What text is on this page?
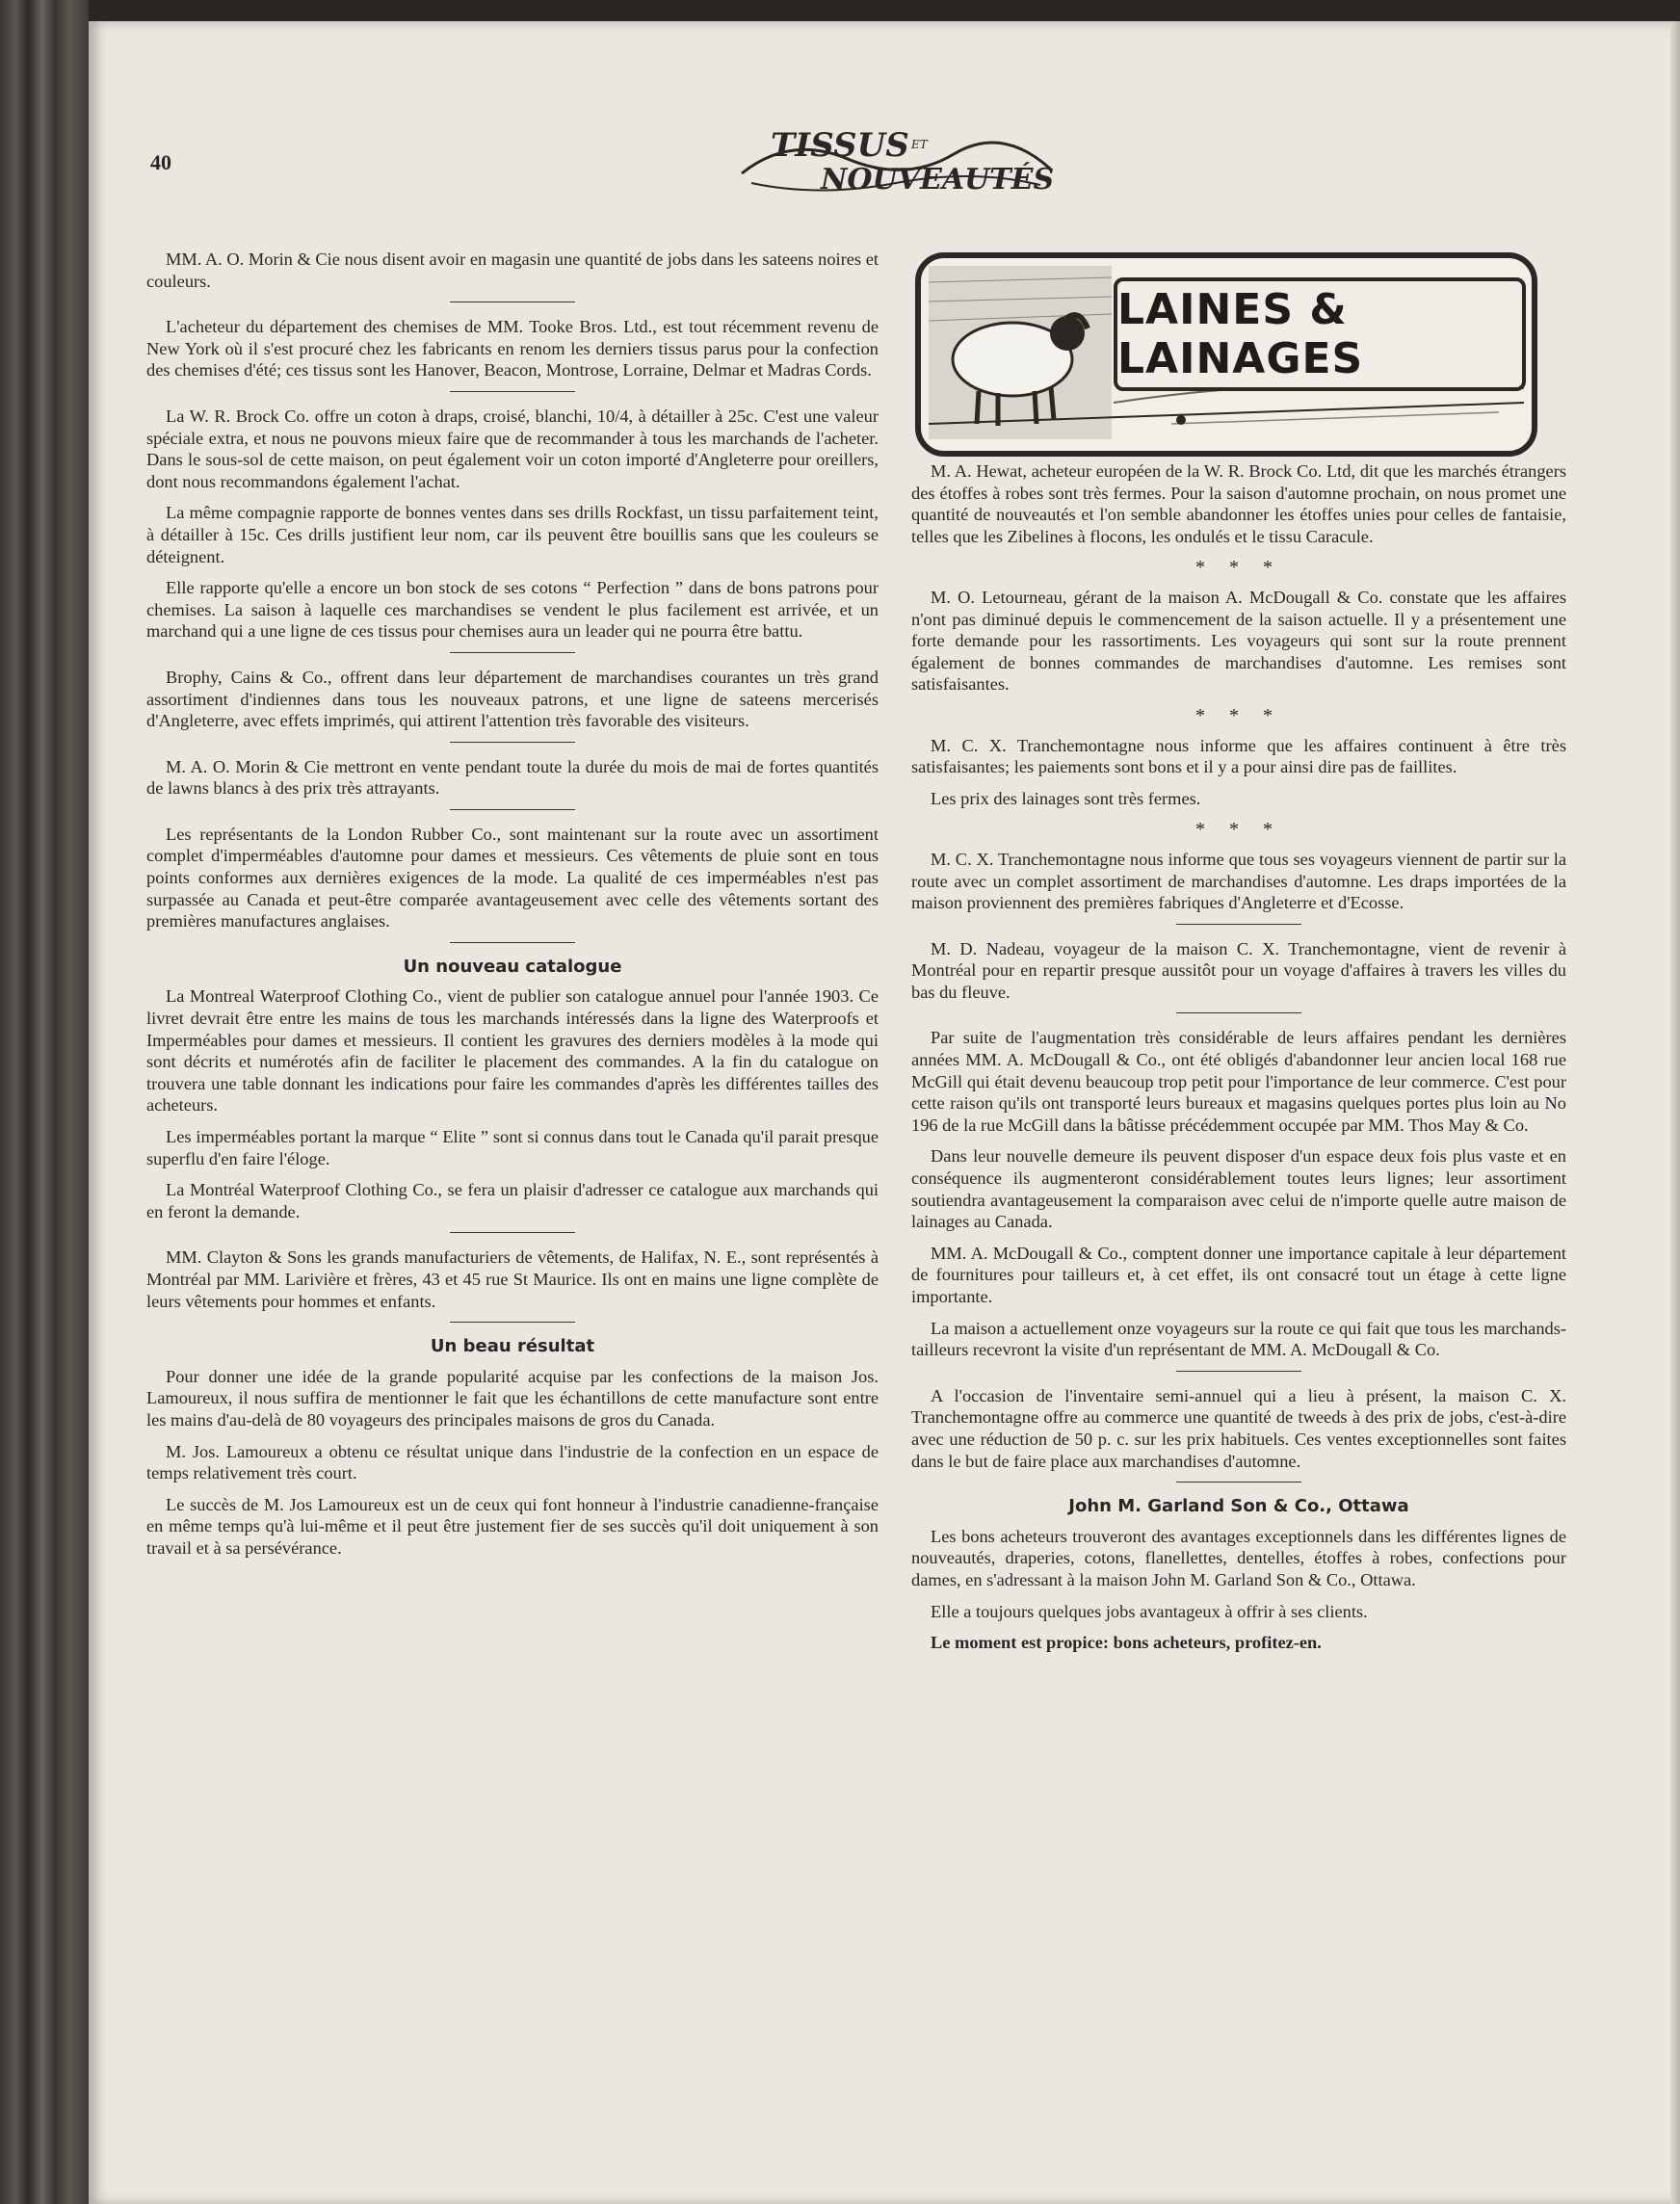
40	TISSUS ET
NOUVEAUTÉS
LAINES & LAINAGES

MM. A. O. Morin & Cie nous disent avoir en magasin une quantité de jobs dans les sateens noires et couleurs.

L'acheteur du département des chemises de MM. Tooke Bros. Ltd., est tout récemment revenu de New York où il s'est procuré chez les fabricants en renom les derniers tissus parus pour la confection des chemises d'été; ces tissus sont les Hanover, Beacon, Montrose, Lorraine, Delmar et Madras Cords.

La W. R. Brock Co. offre un coton à draps, croisé, blanchi, 10/4, à détailler à 25c. C'est une valeur spéciale extra, et nous ne pouvons mieux faire que de recommander à tous les marchands de l'acheter. Dans le sous-sol de cette maison, on peut également voir un coton importé d'Angleterre pour oreillers, dont nous recommandons également l'achat.

La même compagnie rapporte de bonnes ventes dans ses drills Rockfast, un tissu parfaitement teint, à détailler à 15c. Ces drills justifient leur nom, car ils peuvent être bouillis sans que les couleurs se déteignent.

Elle rapporte qu'elle a encore un bon stock de ses cotons “ Perfection ” dans de bons patrons pour chemises. La saison à laquelle ces marchandises se vendent le plus facilement est arrivée, et un marchand qui a une ligne de ces tissus pour chemises aura un leader qui ne pourra être battu.

Brophy, Cains & Co., offrent dans leur département de marchandises courantes un très grand assortiment d'indiennes dans tous les nouveaux patrons, et une ligne de sateens mercerisés d'Angleterre, avec effets imprimés, qui attirent l'attention très favorable des visiteurs.

M. A. O. Morin & Cie mettront en vente pendant toute la durée du mois de mai de fortes quantités de lawns blancs à des prix très attrayants.

Les représentants de la London Rubber Co., sont maintenant sur la route avec un assortiment complet d'imperméables d'automne pour dames et messieurs. Ces vêtements de pluie sont en tous points conformes aux dernières exigences de la mode. La qualité de ces imperméables n'est pas surpassée au Canada et peut-être comparée avantageusement avec celle des vêtements sortant des premières manufactures anglaises.

Un nouveau catalogue

La Montreal Waterproof Clothing Co., vient de publier son catalogue annuel pour l'année 1903. Ce livret devrait être entre les mains de tous les marchands intéressés dans la ligne des Waterproofs et Imperméables pour dames et messieurs. Il contient les gravures des derniers modèles à la mode qui sont décrits et numérotés afin de faciliter le placement des commandes. A la fin du catalogue on trouvera une table donnant les indications pour faire les commandes d'après les différentes tailles des acheteurs.

Les imperméables portant la marque “ Elite ” sont si connus dans tout le Canada qu'il parait presque superflu d'en faire l'éloge.

La Montréal Waterproof Clothing Co., se fera un plaisir d'adresser ce catalogue aux marchands qui en feront la demande.

MM. Clayton & Sons les grands manufacturiers de vêtements, de Halifax, N. E., sont représentés à Montréal par MM. Larivière et frères, 43 et 45 rue St Maurice. Ils ont en mains une ligne complète de leurs vêtements pour hommes et enfants.

Un beau résultat

Pour donner une idée de la grande popularité acquise par les confections de la maison Jos. Lamoureux, il nous suffira de mentionner le fait que les échantillons de cette manufacture sont entre les mains d'au-delà de 80 voyageurs des principales maisons de gros du Canada.

M. Jos. Lamoureux a obtenu ce résultat unique dans l'industrie de la confection en un espace de temps relativement très court.

Le succès de M. Jos Lamoureux est un de ceux qui font honneur à l'industrie canadienne-française en même temps qu'à lui-même et il peut être justement fier de ses succès qu'il doit uniquement à son travail et à sa persévérance.

M. A. Hewat, acheteur européen de la W. R. Brock Co. Ltd, dit que les marchés étrangers des étoffes à robes sont très fermes. Pour la saison d'automne prochain, on nous promet une quantité de nouveautés et l'on semble abandonner les étoffes unies pour celles de fantaisie, telles que les Zibelines à flocons, les ondulés et le tissu Caracule.

* * *

M. O. Letourneau, gérant de la maison A. McDougall & Co. constate que les affaires n'ont pas diminué depuis le commencement de la saison actuelle. Il y a présentement une forte demande pour les rassortiments. Les voyageurs qui sont sur la route prennent également de bonnes commandes de marchandises d'automne. Les remises sont satisfaisantes.

* * *

M. C. X. Tranchemontagne nous informe que les affaires continuent à être très satisfaisantes; les paiements sont bons et il y a pour ainsi dire pas de faillites.

Les prix des lainages sont très fermes.

* * *

M. C. X. Tranchemontagne nous informe que tous ses voyageurs viennent de partir sur la route avec un complet assortiment de marchandises d'automne. Les draps importées de la maison proviennent des premières fabriques d'Angleterre et d'Ecosse.

M. D. Nadeau, voyageur de la maison C. X. Tranchemontagne, vient de revenir à Montréal pour en repartir presque aussitôt pour un voyage d'affaires à travers les villes du bas du fleuve.

Par suite de l'augmentation très considérable de leurs affaires pendant les dernières années MM. A. McDougall & Co., ont été obligés d'abandonner leur ancien local 168 rue McGill qui était devenu beaucoup trop petit pour l'importance de leur commerce. C'est pour cette raison qu'ils ont transporté leurs bureaux et magasins quelques portes plus loin au No 196 de la rue McGill dans la bâtisse précédemment occupée par MM. Thos May & Co.

Dans leur nouvelle demeure ils peuvent disposer d'un espace deux fois plus vaste et en conséquence ils augmenteront considérablement toutes leurs lignes; leur assortiment soutiendra avantageusement la comparaison avec celui de n'importe quelle autre maison de lainages au Canada.

MM. A. McDougall & Co., comptent donner une importance capitale à leur département de fournitures pour tailleurs et, à cet effet, ils ont consacré tout un étage à cette ligne importante.

La maison a actuellement onze voyageurs sur la route ce qui fait que tous les marchands-tailleurs recevront la visite d'un représentant de MM. A. McDougall & Co.

A l'occasion de l'inventaire semi-annuel qui a lieu à présent, la maison C. X. Tranchemontagne offre au commerce une quantité de tweeds à des prix de jobs, c'est-à-dire avec une réduction de 50 p. c. sur les prix habituels. Ces ventes exceptionnelles sont faites dans le but de faire place aux marchandises d'automne.

John M. Garland Son & Co., Ottawa

Les bons acheteurs trouveront des avantages exceptionnels dans les différentes lignes de nouveautés, draperies, cotons, flanellettes, dentelles, étoffes à robes, confections pour dames, en s'adressant à la maison John M. Garland Son & Co., Ottawa.

Elle a toujours quelques jobs avantageux à offrir à ses clients.

Le moment est propice: bons acheteurs, profitez-en.
